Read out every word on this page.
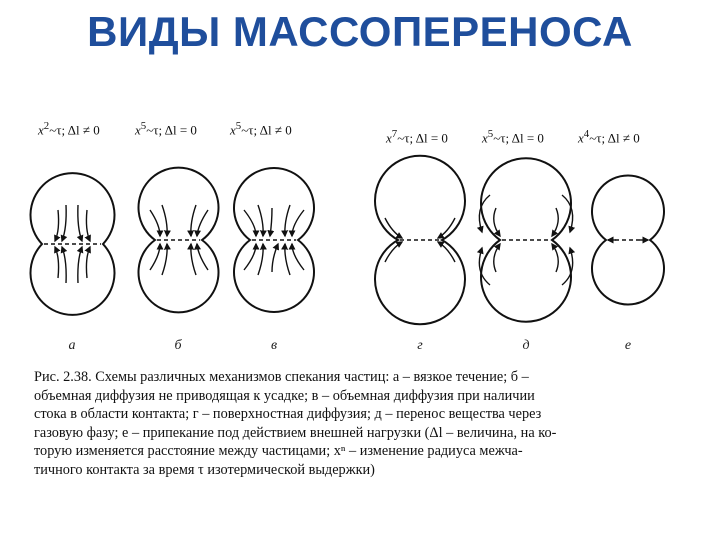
ВИДЫ МАССОПЕРЕНОСА
$x^2\sim\tau$; Δl ≠ 0	$x^5\sim\tau$; Δl = 0	$x^5\sim\tau$; Δl ≠ 0
$x^7\sim\tau$; Δl = 0	$x^5\sim\tau$; Δl = 0	$x^4\sim\tau$; Δl ≠ 0
а	б	в	г	д	е
Рис. 2.38. Схемы различных механизмов спекания частиц: а – вязкое течение; б –
объемная диффузия не приводящая к усадке; в – объемная диффузия при наличии
стока в области контакта; г – поверхностная диффузия; д – перенос вещества через
газовую фазу; е – припекание под действием внешней нагрузки (Δl – величина, на ко-
торую изменяется расстояние между частицами; xⁿ – изменение радиуса межча-
тичного контакта за время τ изотермической выдержки)
